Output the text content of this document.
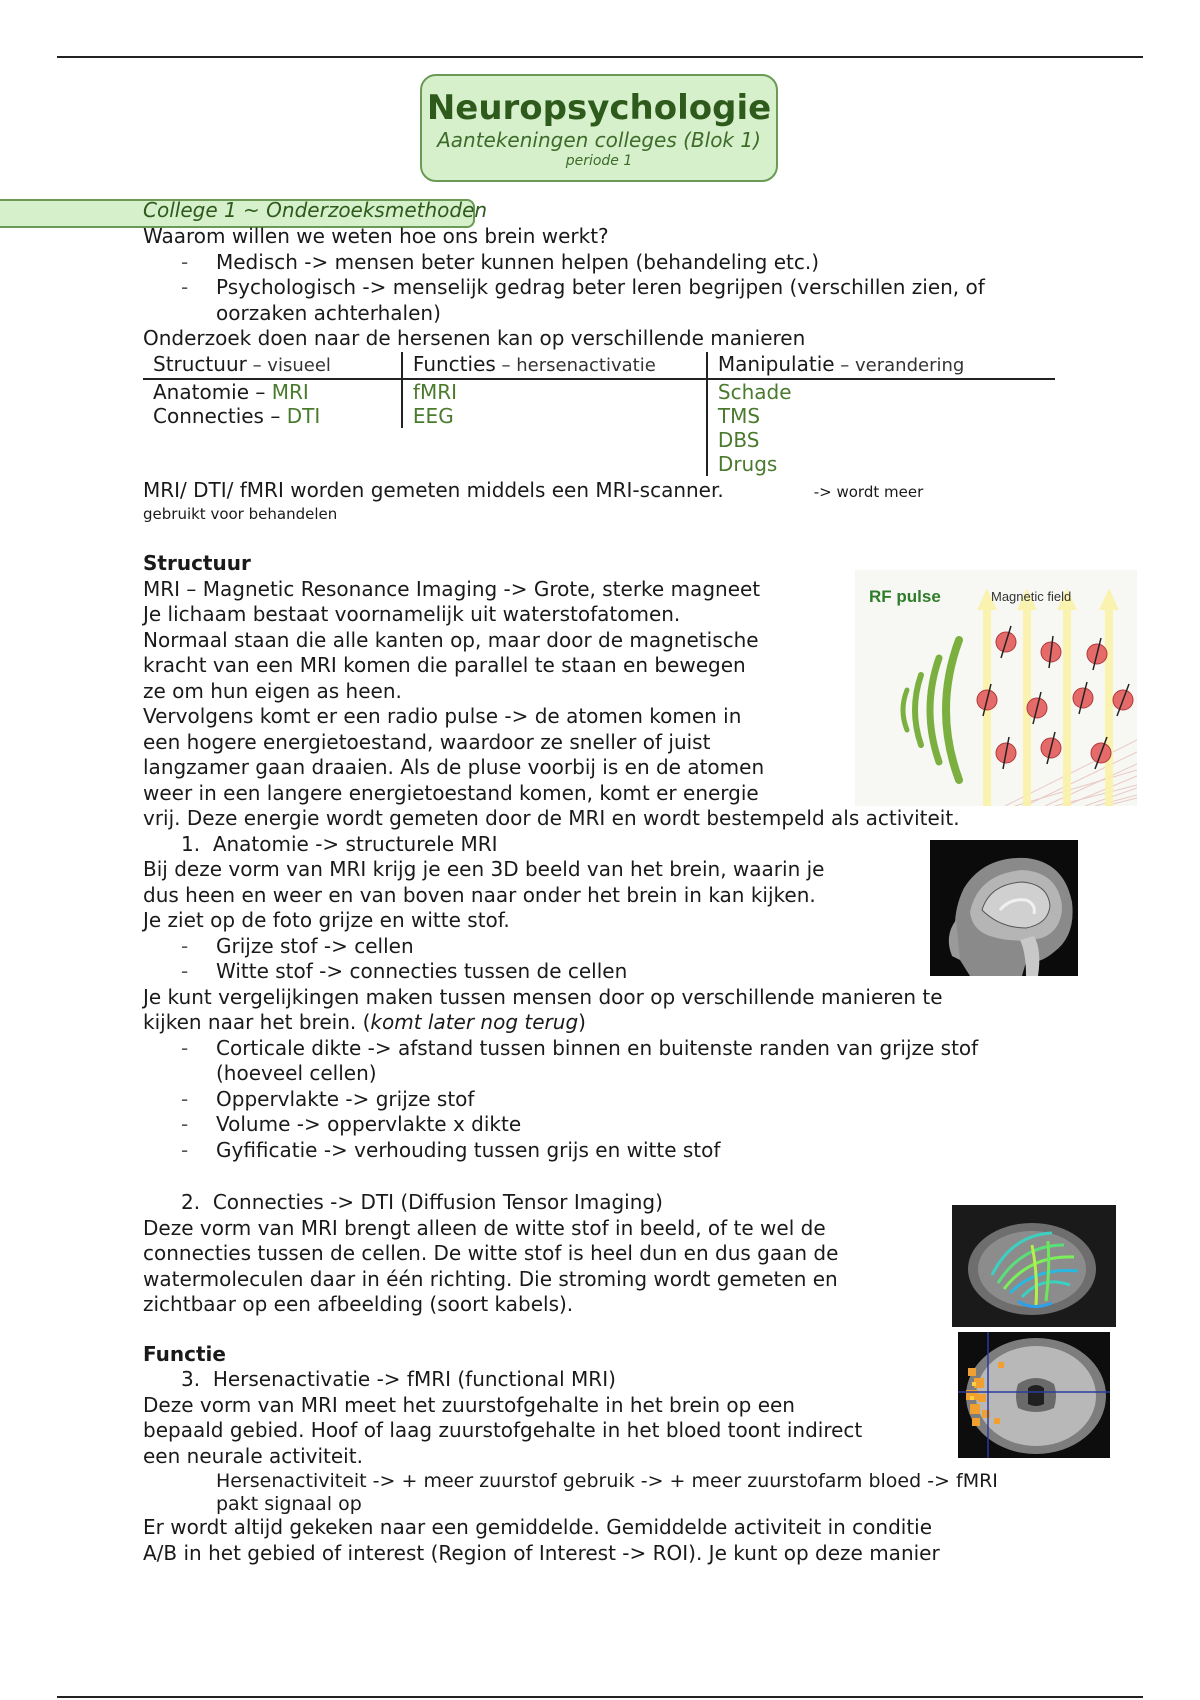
Neuropsychologie
Aantekeningen colleges (Blok 1)
periode 1
College 1 ~ Onderzoeksmethoden

Waarom willen we weten hoe ons brein werkt?

- Medisch -> mensen beter kunnen helpen (behandeling etc.)
- Psychologisch -> menselijk gedrag beter leren begrijpen (verschillen zien, of oorzaken achterhalen)

Onderzoek doen naar de hersenen kan op verschillende manieren

Structuur – visueel	Functies – hersenactivatie	Manipulatie – verandering
Anatomie – MRI	fMRI	Schade
Connecties – DTI	EEG	TMS
		DBS
		Drugs

MRI/ DTI/ fMRI worden gemeten middels een MRI-scanner.	-> wordt meer

gebruikt voor behandelen

Structuur

MRI – Magnetic Resonance Imaging -> Grote, sterke magneet

Je lichaam bestaat voornamelijk uit waterstofatomen.

Normaal staan die alle kanten op, maar door de magnetische

kracht van een MRI komen die parallel te staan en bewegen

ze om hun eigen as heen.

Vervolgens komt er een radio pulse -> de atomen komen in

een hogere energietoestand, waardoor ze sneller of juist

langzamer gaan draaien. Als de pluse voorbij is en de atomen

weer in een langere energietoestand komen, komt er energie

vrij. Deze energie wordt gemeten door de MRI en wordt bestempeld als activiteit.

1. Anatomie -> structurele MRI

Bij deze vorm van MRI krijg je een 3D beeld van het brein, waarin je

dus heen en weer en van boven naar onder het brein in kan kijken.

Je ziet op de foto grijze en witte stof.

- Grijze stof -> cellen
- Witte stof -> connecties tussen de cellen

Je kunt vergelijkingen maken tussen mensen door op verschillende manieren te

kijken naar het brein. (komt later nog terug)

- Corticale dikte -> afstand tussen binnen en buitenste randen van grijze stof (hoeveel cellen)
- Oppervlakte -> grijze stof
- Volume -> oppervlakte x dikte
- Gyfificatie -> verhouding tussen grijs en witte stof

2. Connecties -> DTI (Diffusion Tensor Imaging)

Deze vorm van MRI brengt alleen de witte stof in beeld, of te wel de

connecties tussen de cellen. De witte stof is heel dun en dus gaan de

watermoleculen daar in één richting. Die stroming wordt gemeten en

zichtbaar op een afbeelding (soort kabels).

Functie

3. Hersenactivatie -> fMRI (functional MRI)

Deze vorm van MRI meet het zuurstofgehalte in het brein op een

bepaald gebied. Hoof of laag zuurstofgehalte in het bloed toont indirect

een neurale activiteit.

Hersenactiviteit -> + meer zuurstof gebruik -> + meer zuurstofarm bloed -> fMRI

pakt signaal op

Er wordt altijd gekeken naar een gemiddelde. Gemiddelde activiteit in conditie

A/B in het gebied of interest (Region of Interest -> ROI). Je kunt op deze manier

RF pulse	Magnetic field
